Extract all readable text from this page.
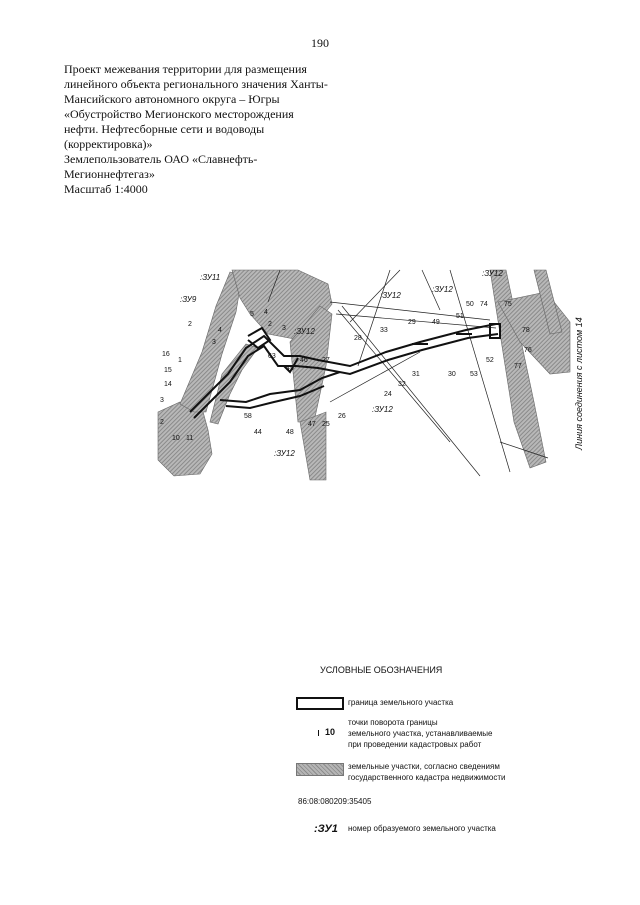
190
Проект межевания территории для размещения
линейного объекта регионального значения Ханты-
Мансийского автономного округа – Югры
«Обустройство Мегионского месторождения
нефти. Нефтесборные сети и водоводы
(корректировка)»
Землепользователь ОАО «Славнефть-
Мегионнефтегаз»
Масштаб 1:4000
Линия соединения с листом 14
:ЗУ11
:ЗУ9
:ЗУ12
:ЗУ12
:ЗУ12
:ЗУ12
:ЗУ12
:ЗУ12
16
1
15
14
3
2
10 11
2
3
4
5 4
3
2
63
45
46
58
44	48
47 25
26
27
28
33
29 49
51
50 74 75
78
76
77
52
53
30
31
32
24
УСЛОВНЫЕ ОБОЗНАЧЕНИЯ
граница земельного участка
10
точки поворота границы
земельного участка, устанавливаемые
при проведении кадастровых работ
земельные участки, согласно сведениям
государственного кадастра недвижимости
86:08:080209:35405
:ЗУ1 номер образуемого земельного участка
